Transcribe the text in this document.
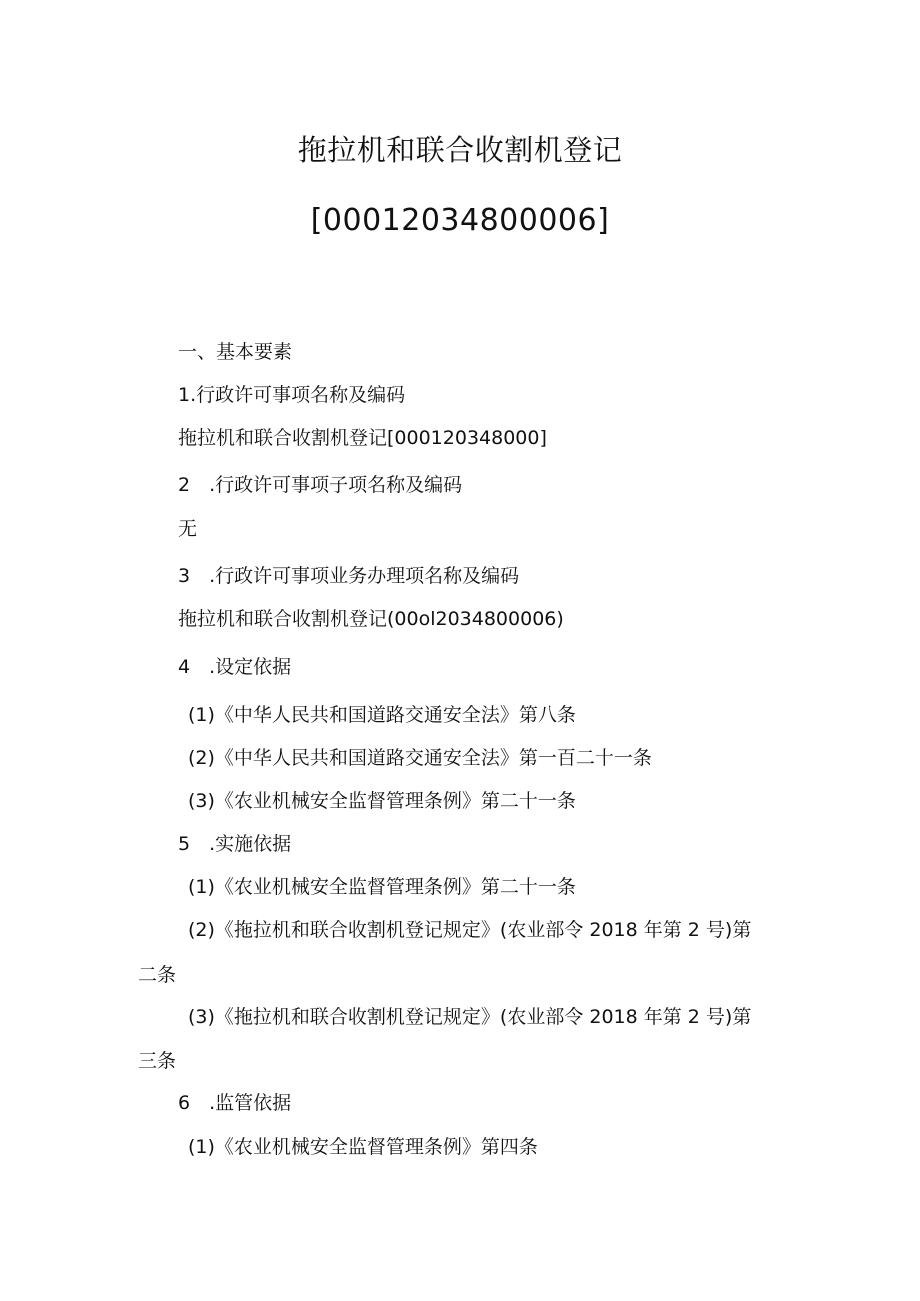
拖拉机和联合收割机登记
[00012034800006]
一、基本要素
1.行政许可事项名称及编码
拖拉机和联合收割机登记[000120348000]
2　.行政许可事项子项名称及编码
无
3　.行政许可事项业务办理项名称及编码
拖拉机和联合收割机登记(00ol2034800006)
4　.设定依据
(1)《中华人民共和国道路交通安全法》第八条
(2)《中华人民共和国道路交通安全法》第一百二十一条
(3)《农业机械安全监督管理条例》第二十一条
5　.实施依据
(1)《农业机械安全监督管理条例》第二十一条
(2)《拖拉机和联合收割机登记规定》(农业部令 2018 年第 2 号)第
二条
(3)《拖拉机和联合收割机登记规定》(农业部令 2018 年第 2 号)第
三条
6　.监管依据
(1)《农业机械安全监督管理条例》第四条
